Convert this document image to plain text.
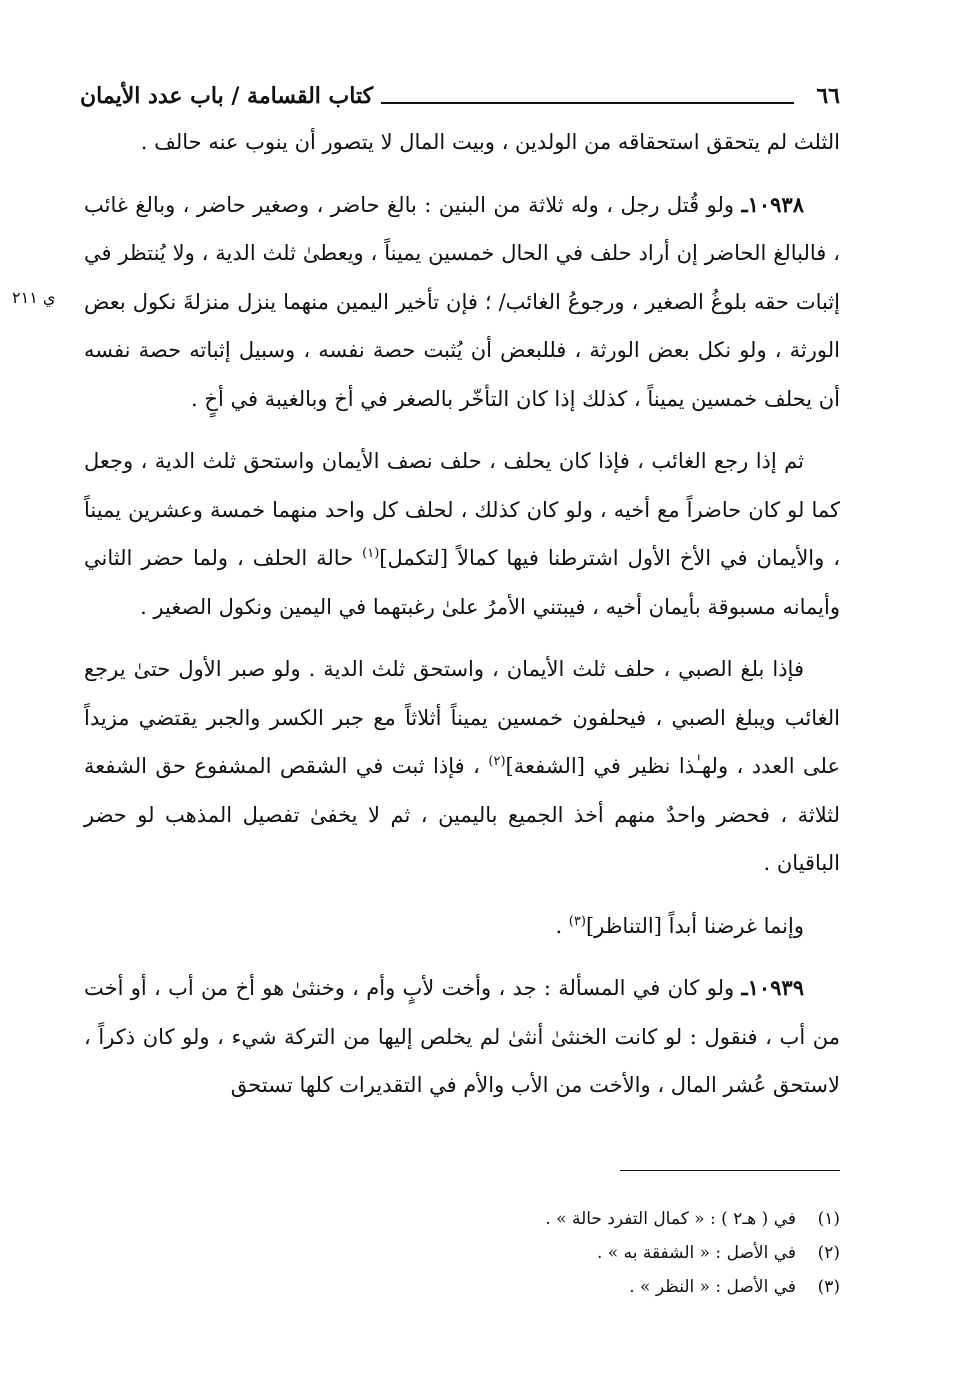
٦٦
كتاب القسامة / باب عدد الأيمان
ي ٢١١

الثلث لم يتحقق استحقاقه من الولدين ، وبيت المال لا يتصور أن ينوب عنه حالف .

١٠٩٣٨ـ ولو قُتل رجل ، وله ثلاثة من البنين : بالغ حاضر ، وصغير حاضر ، وبالغ غائب ، فالبالغ الحاضر إن أراد حلف في الحال خمسين يميناً ، ويعطىٰ ثلث الدية ، ولا يُنتظر في إثبات حقه بلوغُ الصغير ، ورجوعُ الغائب/ ؛ فإن تأخير اليمين منهما ينزل منزلةَ نكول بعض الورثة ، ولو نكل بعض الورثة ، فللبعض أن يُثبت حصة نفسه ، وسبيل إثباته حصة نفسه أن يحلف خمسين يميناً ، كذلك إذا كان التأخّر بالصغر في أخ وبالغيبة في أخٍ .

ثم إذا رجع الغائب ، فإذا كان يحلف ، حلف نصف الأيمان واستحق ثلث الدية ، وجعل كما لو كان حاضراً مع أخيه ، ولو كان كذلك ، لحلف كل واحد منهما خمسة وعشرين يميناً ، والأيمان في الأخ الأول اشترطنا فيها كمالاً [لتكمل]$^{(١)}$ حالة الحلف ، ولما حضر الثاني وأيمانه مسبوقة بأيمان أخيه ، فيبتني الأمرُ علىٰ رغبتهما في اليمين ونكول الصغير .

فإذا بلغ الصبي ، حلف ثلث الأيمان ، واستحق ثلث الدية . ولو صبر الأول حتىٰ يرجع الغائب ويبلغ الصبي ، فيحلفون خمسين يميناً أثلاثاً مع جبر الكسر والجبر يقتضي مزيداً على العدد ، ولهـٰذا نظير في [الشفعة]$^{(٢)}$ ، فإذا ثبت في الشقص المشفوع حق الشفعة لثلاثة ، فحضر واحدٌ منهم أخذ الجميع باليمين ، ثم لا يخفىٰ تفصيل المذهب لو حضر الباقيان .

وإنما غرضنا أبداً [التناظر]$^{(٣)}$ .

١٠٩٣٩ـ ولو كان في المسألة : جد ، وأخت لأبٍ وأم ، وخنثىٰ هو أخ من أب ، أو أخت من أب ، فنقول : لو كانت الخنثىٰ أنثىٰ لم يخلص إليها من التركة شيء ، ولو كان ذكراً ، لاستحق عُشر المال ، والأخت من الأب والأم في التقديرات كلها تستحق

(١)
في ( هـ٢ ) : « كمال التفرد حالة » .
(٢)
في الأصل : « الشفقة به » .
(٣)
في الأصل : « النظر » .
